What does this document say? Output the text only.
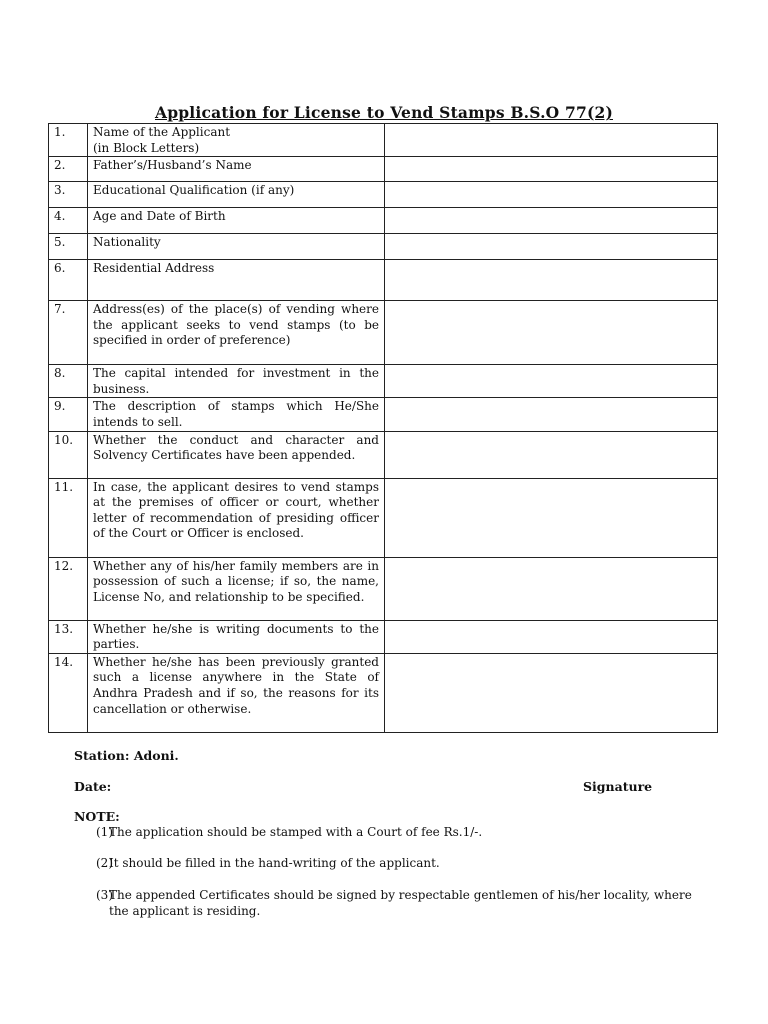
Application for License to Vend Stamps B.S.O 77(2)
1.	Name of the Applicant
(in Block Letters)	

2.	Father’s/Husband’s Name	
3.	Educational Qualification (if any)	
4.	Age and Date of Birth	
5.	Nationality	
6.	Residential Address	
7.	Address(es) of the place(s) of vending where the applicant seeks to vend stamps (to be specified in order of preference)	
8.	The capital intended for investment in the business.	
9.	The description of stamps which He/She intends to sell.	
10.	Whether the conduct and character and Solvency Certificates have been appended.	
11.	In case, the applicant desires to vend stamps at the premises of officer or court, whether letter of recommendation of presiding officer of the Court or Officer is enclosed.	
12.	Whether any of his/her family members are in possession of such a license; if so, the name, License No, and relationship to be specified.	
13.	Whether he/she is writing documents to the parties.	
14.	Whether he/she has been previously granted such a license anywhere in the State of Andhra Pradesh and if so, the reasons for its cancellation or otherwise.	
Station: Adoni.
Date:	Signature
NOTE:
(1)
The application should be stamped with a Court of fee Rs.1/-.
(2)
It should be filled in the hand-writing of the applicant.
(3)
The appended Certificates should be signed by respectable gentlemen of his/her locality, where the applicant is residing.
